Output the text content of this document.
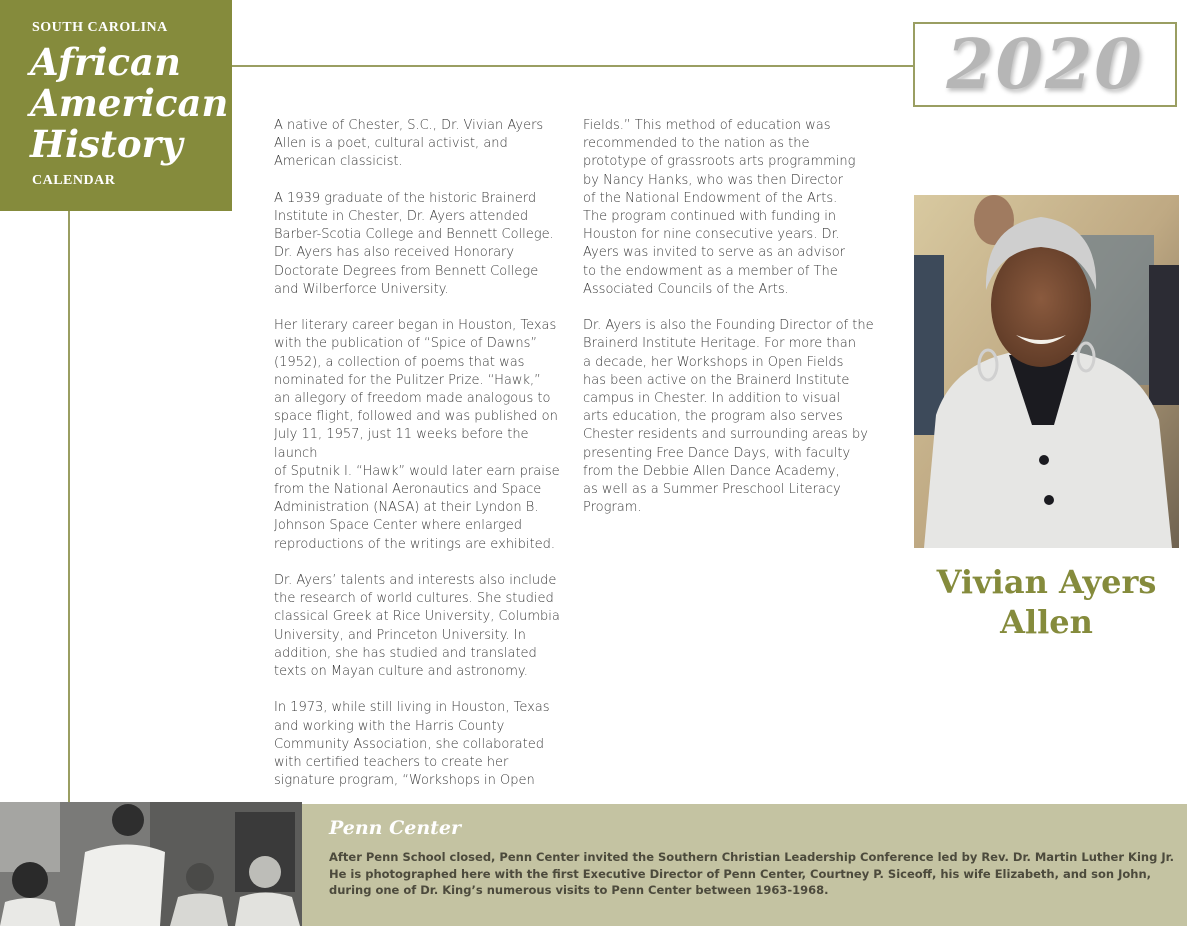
SOUTH CAROLINA
African
American
History
CALENDAR
2020

A native of Chester, S.C., Dr. Vivian Ayers
Allen is a poet, cultural activist, and
American classicist.

A 1939 graduate of the historic Brainerd
Institute in Chester, Dr. Ayers attended
Barber-Scotia College and Bennett College.
Dr. Ayers has also received Honorary
Doctorate Degrees from Bennett College
and Wilberforce University.

Her literary career began in Houston, Texas
with the publication of “Spice of Dawns”
(1952), a collection of poems that was
nominated for the Pulitzer Prize. “Hawk,”
an allegory of freedom made analogous to
space flight, followed and was published on
July 11, 1957, just 11 weeks before the launch
of Sputnik I. “Hawk” would later earn praise
from the National Aeronautics and Space
Administration (NASA) at their Lyndon B.
Johnson Space Center where enlarged
reproductions of the writings are exhibited.

Dr. Ayers’ talents and interests also include
the research of world cultures. She studied
classical Greek at Rice University, Columbia
University, and Princeton University. In
addition, she has studied and translated
texts on Mayan culture and astronomy.

In 1973, while still living in Houston, Texas
and working with the Harris County
Community Association, she collaborated
with certified teachers to create her
signature program, “Workshops in Open

Fields.” This method of education was
recommended to the nation as the
prototype of grassroots arts programming
by Nancy Hanks, who was then Director
of the National Endowment of the Arts.
The program continued with funding in
Houston for nine consecutive years. Dr.
Ayers was invited to serve as an advisor
to the endowment as a member of The
Associated Councils of the Arts.

Dr. Ayers is also the Founding Director of the
Brainerd Institute Heritage. For more than
a decade, her Workshops in Open Fields
has been active on the Brainerd Institute
campus in Chester. In addition to visual
arts education, the program also serves
Chester residents and surrounding areas by
presenting Free Dance Days, with faculty
from the Debbie Allen Dance Academy,
as well as a Summer Preschool Literacy
Program.

Vivian Ayers
Allen
Penn Center
After Penn School closed, Penn Center invited the Southern Christian Leadership Conference led by Rev. Dr. Martin Luther King Jr. He is photographed here with the first Executive Director of Penn Center, Courtney P. Siceoff, his wife Elizabeth, and son John, during one of Dr. King’s numerous visits to Penn Center between 1963-1968.
